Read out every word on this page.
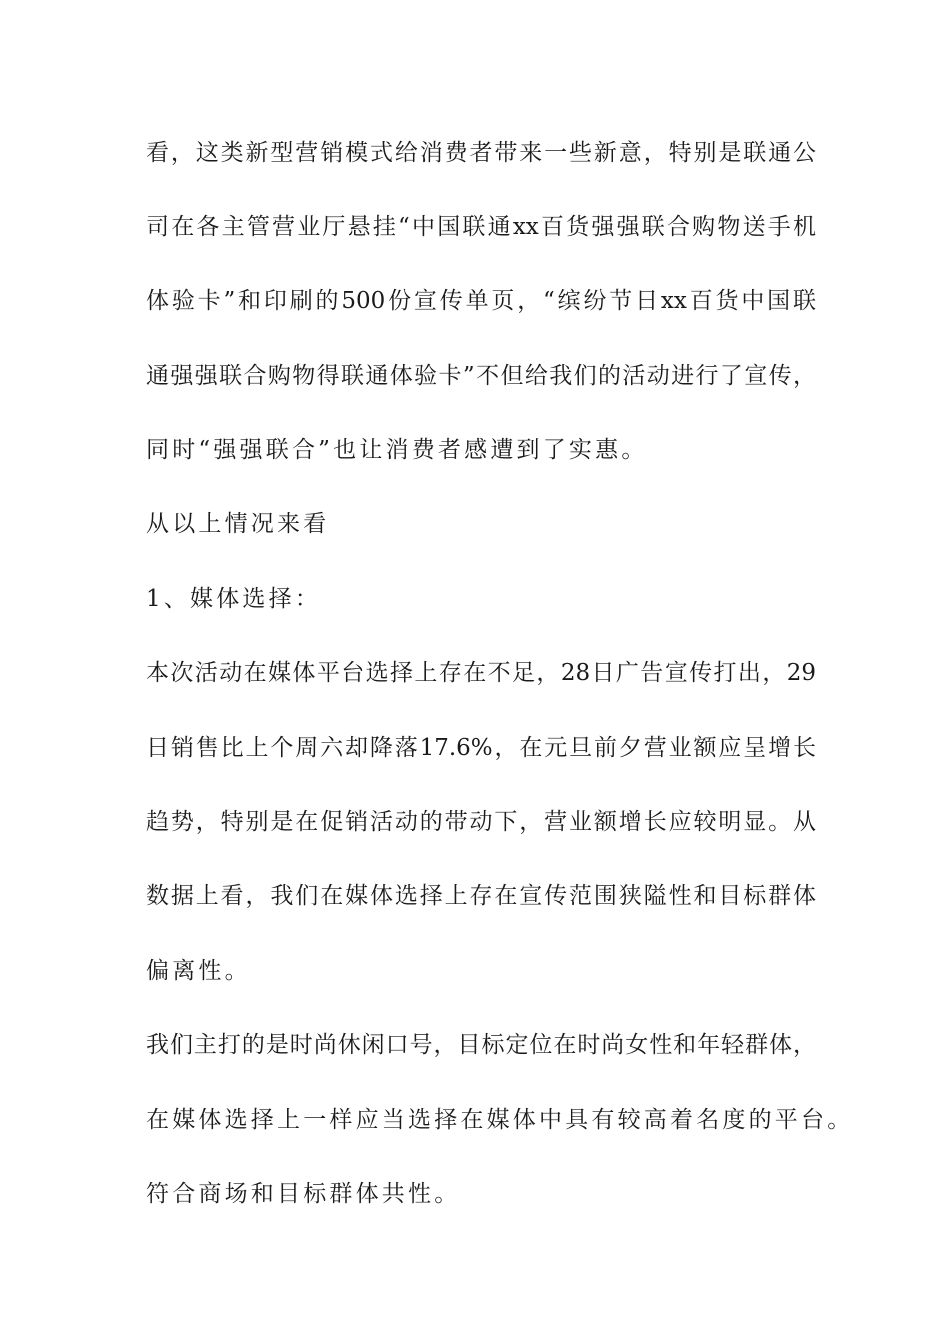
看，这类新型营销模式给消费者带来一些新意，特别是联通公
司在各主管营业厅悬挂“中国联通xx百货强强联合购物送手机
体验卡”和印刷的500份宣传单页，“缤纷节日xx百货中国联
通强强联合购物得联通体验卡”不但给我们的活动进行了宣传，
同时“强强联合”也让消费者感遭到了实惠。
从以上情况来看
1、媒体选择：
本次活动在媒体平台选择上存在不足，28日广告宣传打出，29
日销售比上个周六却降落17.6%，在元旦前夕营业额应呈增长
趋势，特别是在促销活动的带动下，营业额增长应较明显。从
数据上看，我们在媒体选择上存在宣传范围狭隘性和目标群体
偏离性。
我们主打的是时尚休闲口号，目标定位在时尚女性和年轻群体，
在媒体选择上一样应当选择在媒体中具有较高着名度的平台。
符合商场和目标群体共性。
